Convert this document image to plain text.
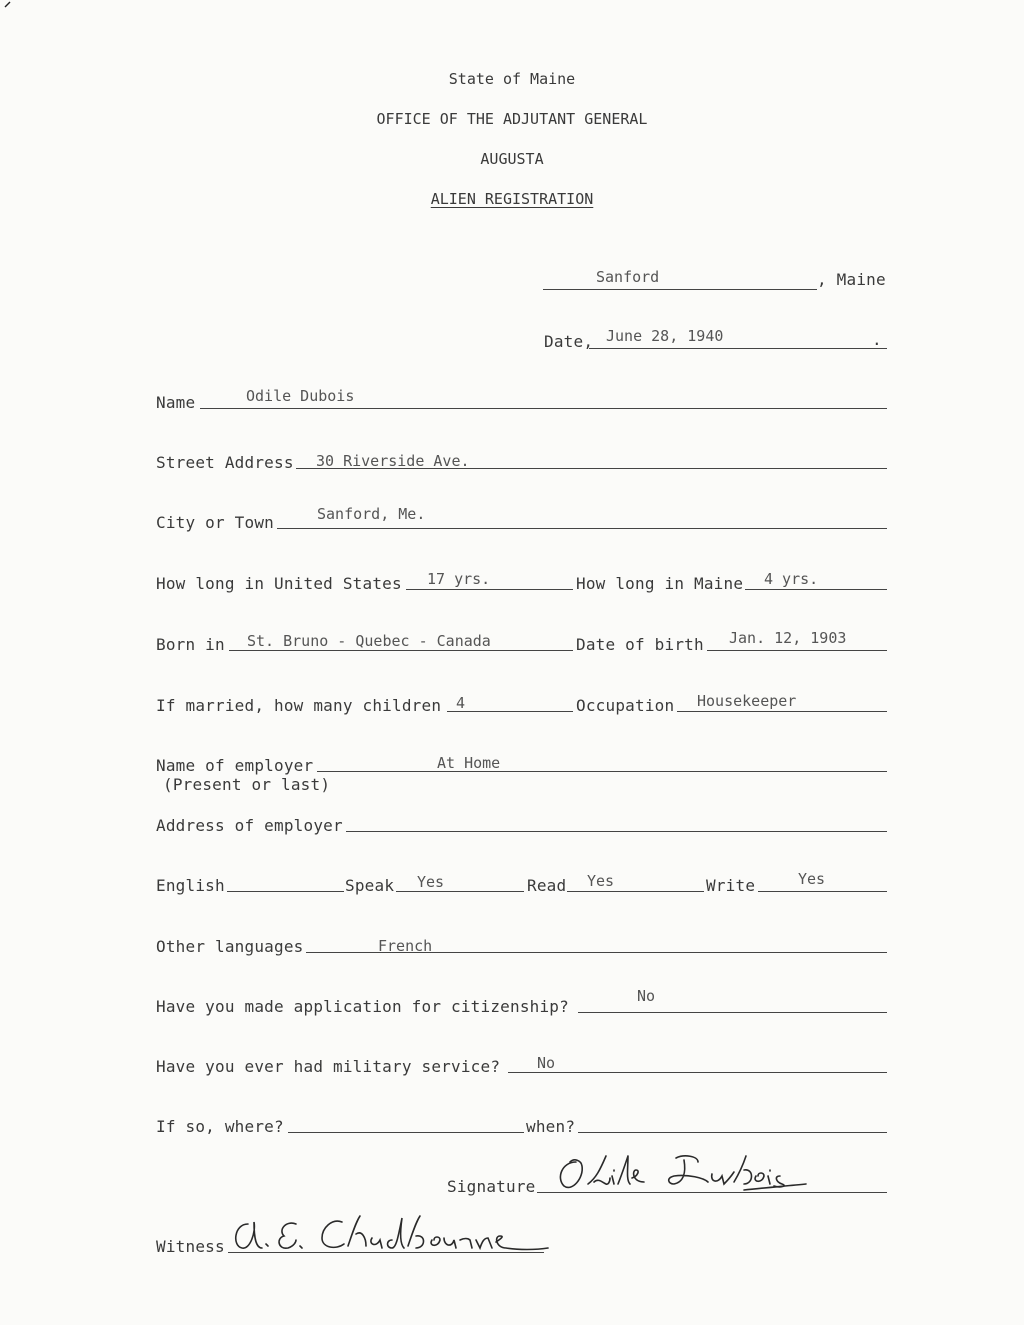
State of Maine
OFFICE OF THE ADJUTANT GENERAL
AUGUSTA
ALIEN REGISTRATION
Sanford	, Maine
Date, June 28, 1940	.
Name	Odile Dubois
Street Address 30 Riverside Ave.
City or Town	Sanford, Me.
How long in United States 17 yrs.	How long in Maine 4 yrs.
Born in St. Bruno - Quebec - Canada	Date of birth Jan. 12, 1903
If married, how many children 4	Occupation Housekeeper
Name of employer
(Present or last)
At Home
Address of employer
English	Speak Yes	Read Yes	Write	Yes
Other languages	French
Have you made application for citizenship?
No
Have you ever had military service? No
If so, where?	when?
Signature
Witness
